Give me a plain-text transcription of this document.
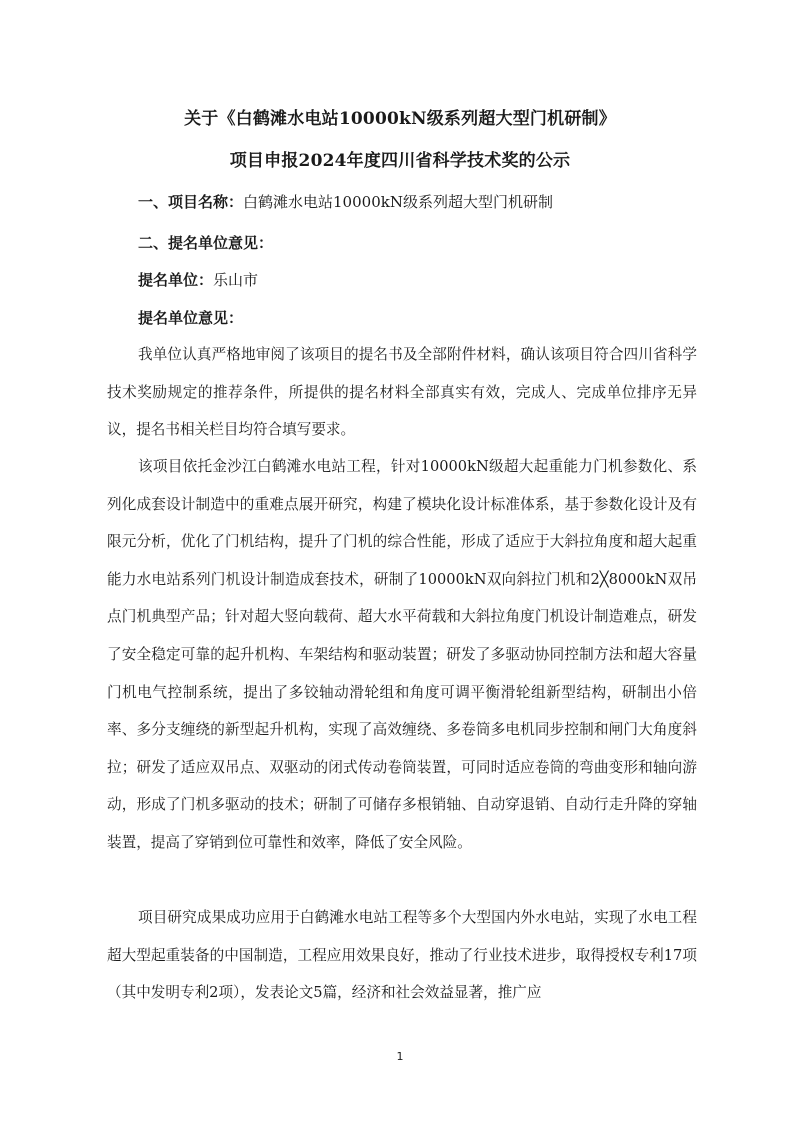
关于《白鹤滩水电站10000kN级系列超大型门机研制》
项目申报2024年度四川省科学技术奖的公示
一、项目名称：白鹤滩水电站10000kN级系列超大型门机研制
二、提名单位意见：
提名单位：乐山市
提名单位意见：

我单位认真严格地审阅了该项目的提名书及全部附件材料，确认该项目符合四川省科学技术奖励规定的推荐条件，所提供的提名材料全部真实有效，完成人、完成单位排序无异议，提名书相关栏目均符合填写要求。

该项目依托金沙江白鹤滩水电站工程，针对10000kN级超大起重能力门机参数化、系列化成套设计制造中的重难点展开研究，构建了模块化设计标准体系，基于参数化设计及有限元分析，优化了门机结构，提升了门机的综合性能，形成了适应于大斜拉角度和超大起重能力水电站系列门机设计制造成套技术，研制了10000kN双向斜拉门机和2╳8000kN双吊点门机典型产品；针对超大竖向载荷、超大水平荷载和大斜拉角度门机设计制造难点，研发了安全稳定可靠的起升机构、车架结构和驱动装置；研发了多驱动协同控制方法和超大容量门机电气控制系统，提出了多铰轴动滑轮组和角度可调平衡滑轮组新型结构，研制出小倍率、多分支缠绕的新型起升机构，实现了高效缠绕、多卷筒多电机同步控制和闸门大角度斜拉；研发了适应双吊点、双驱动的闭式传动卷筒装置，可同时适应卷筒的弯曲变形和轴向游动，形成了门机多驱动的技术；研制了可储存多根销轴、自动穿退销、自动行走升降的穿轴装置，提高了穿销到位可靠性和效率，降低了安全风险。

项目研究成果成功应用于白鹤滩水电站工程等多个大型国内外水电站，实现了水电工程超大型起重装备的中国制造，工程应用效果良好，推动了行业技术进步，取得授权专利17项（其中发明专利2项），发表论文5篇，经济和社会效益显著，推广应

1
